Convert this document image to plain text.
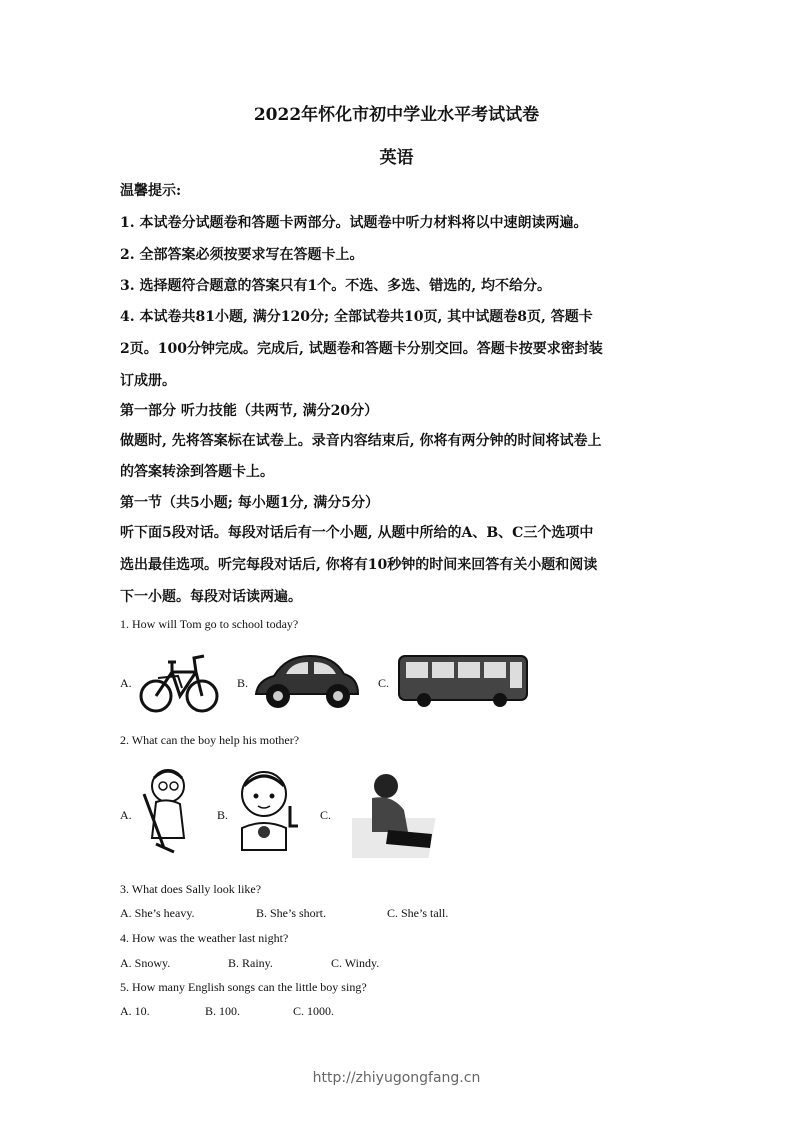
2022年怀化市初中学业水平考试试卷
英语
温馨提示:
1. 本试卷分试题卷和答题卡两部分。试题卷中听力材料将以中速朗读两遍。
2. 全部答案必须按要求写在答题卡上。
3. 选择题符合题意的答案只有1个。不选、多选、错选的, 均不给分。
4. 本试卷共81小题, 满分120分; 全部试卷共10页, 其中试题卷8页, 答题卡
2页。100分钟完成。完成后, 试题卷和答题卡分别交回。答题卡按要求密封装
订成册。
第一部分 听力技能（共两节, 满分20分）
做题时, 先将答案标在试卷上。录音内容结束后, 你将有两分钟的时间将试卷上
的答案转涂到答题卡上。
第一节（共5小题; 每小题1分, 满分5分）
听下面5段对话。每段对话后有一个小题, 从题中所给的A、B、C三个选项中
选出最佳选项。听完每段对话后, 你将有10秒钟的时间来回答有关小题和阅读
下一小题。每段对话读两遍。
1. How will Tom go to school today?
A.	B.	C.
2. What can the boy help his mother?
A.	B.	C.
3. What does Sally look like?
A. She’s heavy.	B. She’s short.	C. She’s tall.
4. How was the weather last night?
A. Snowy.	B. Rainy.	C. Windy.
5. How many English songs can the little boy sing?
A. 10.	B. 100.	C. 1000.
http://zhiyugongfang.cn
